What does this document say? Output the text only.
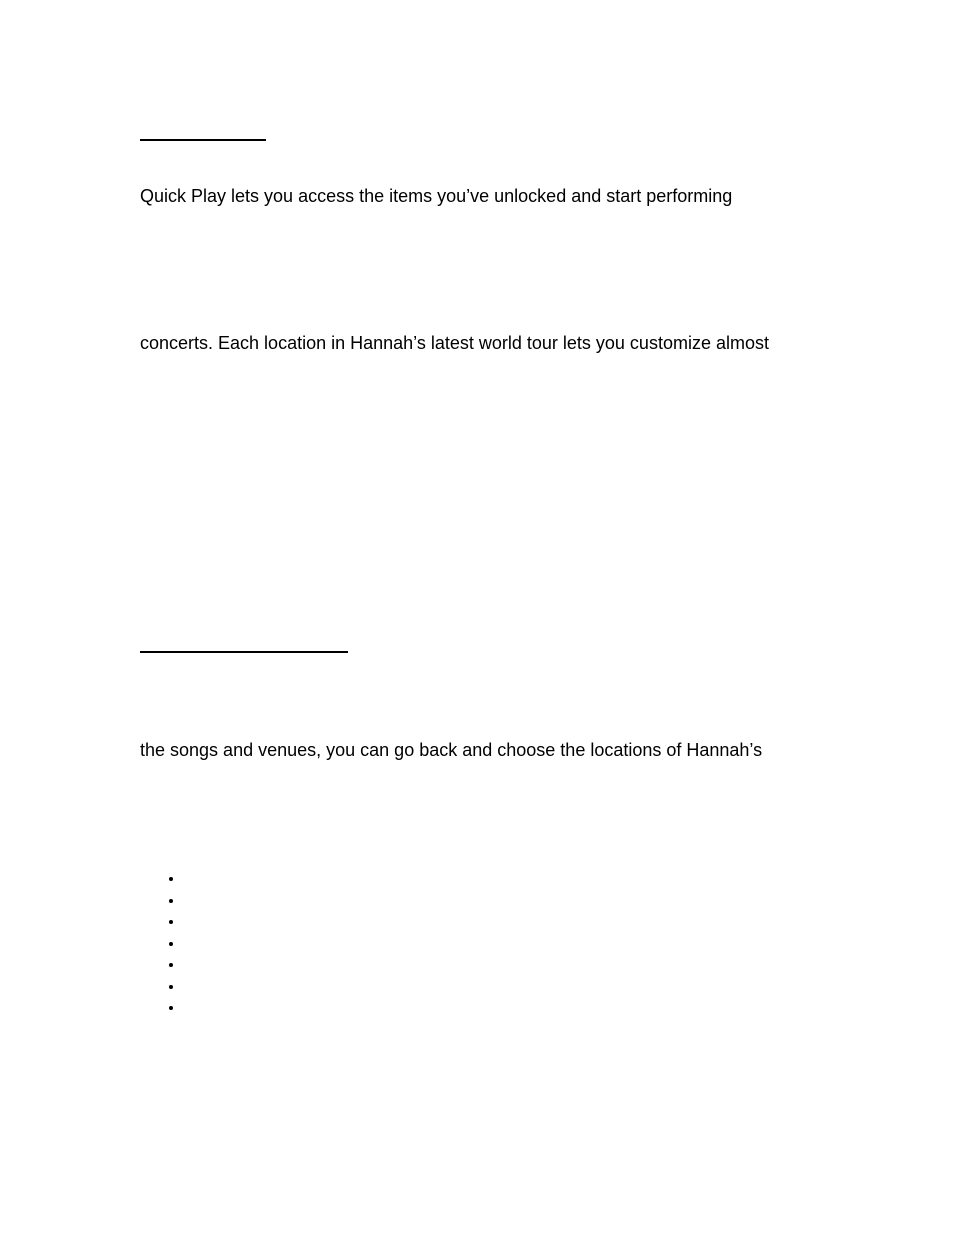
Quick Play lets you access the items you’ve unlocked and start performing

concerts. Each location in Hannah’s latest world tour lets you customize almost

the songs and venues, you can go back and choose the locations of Hannah’s
